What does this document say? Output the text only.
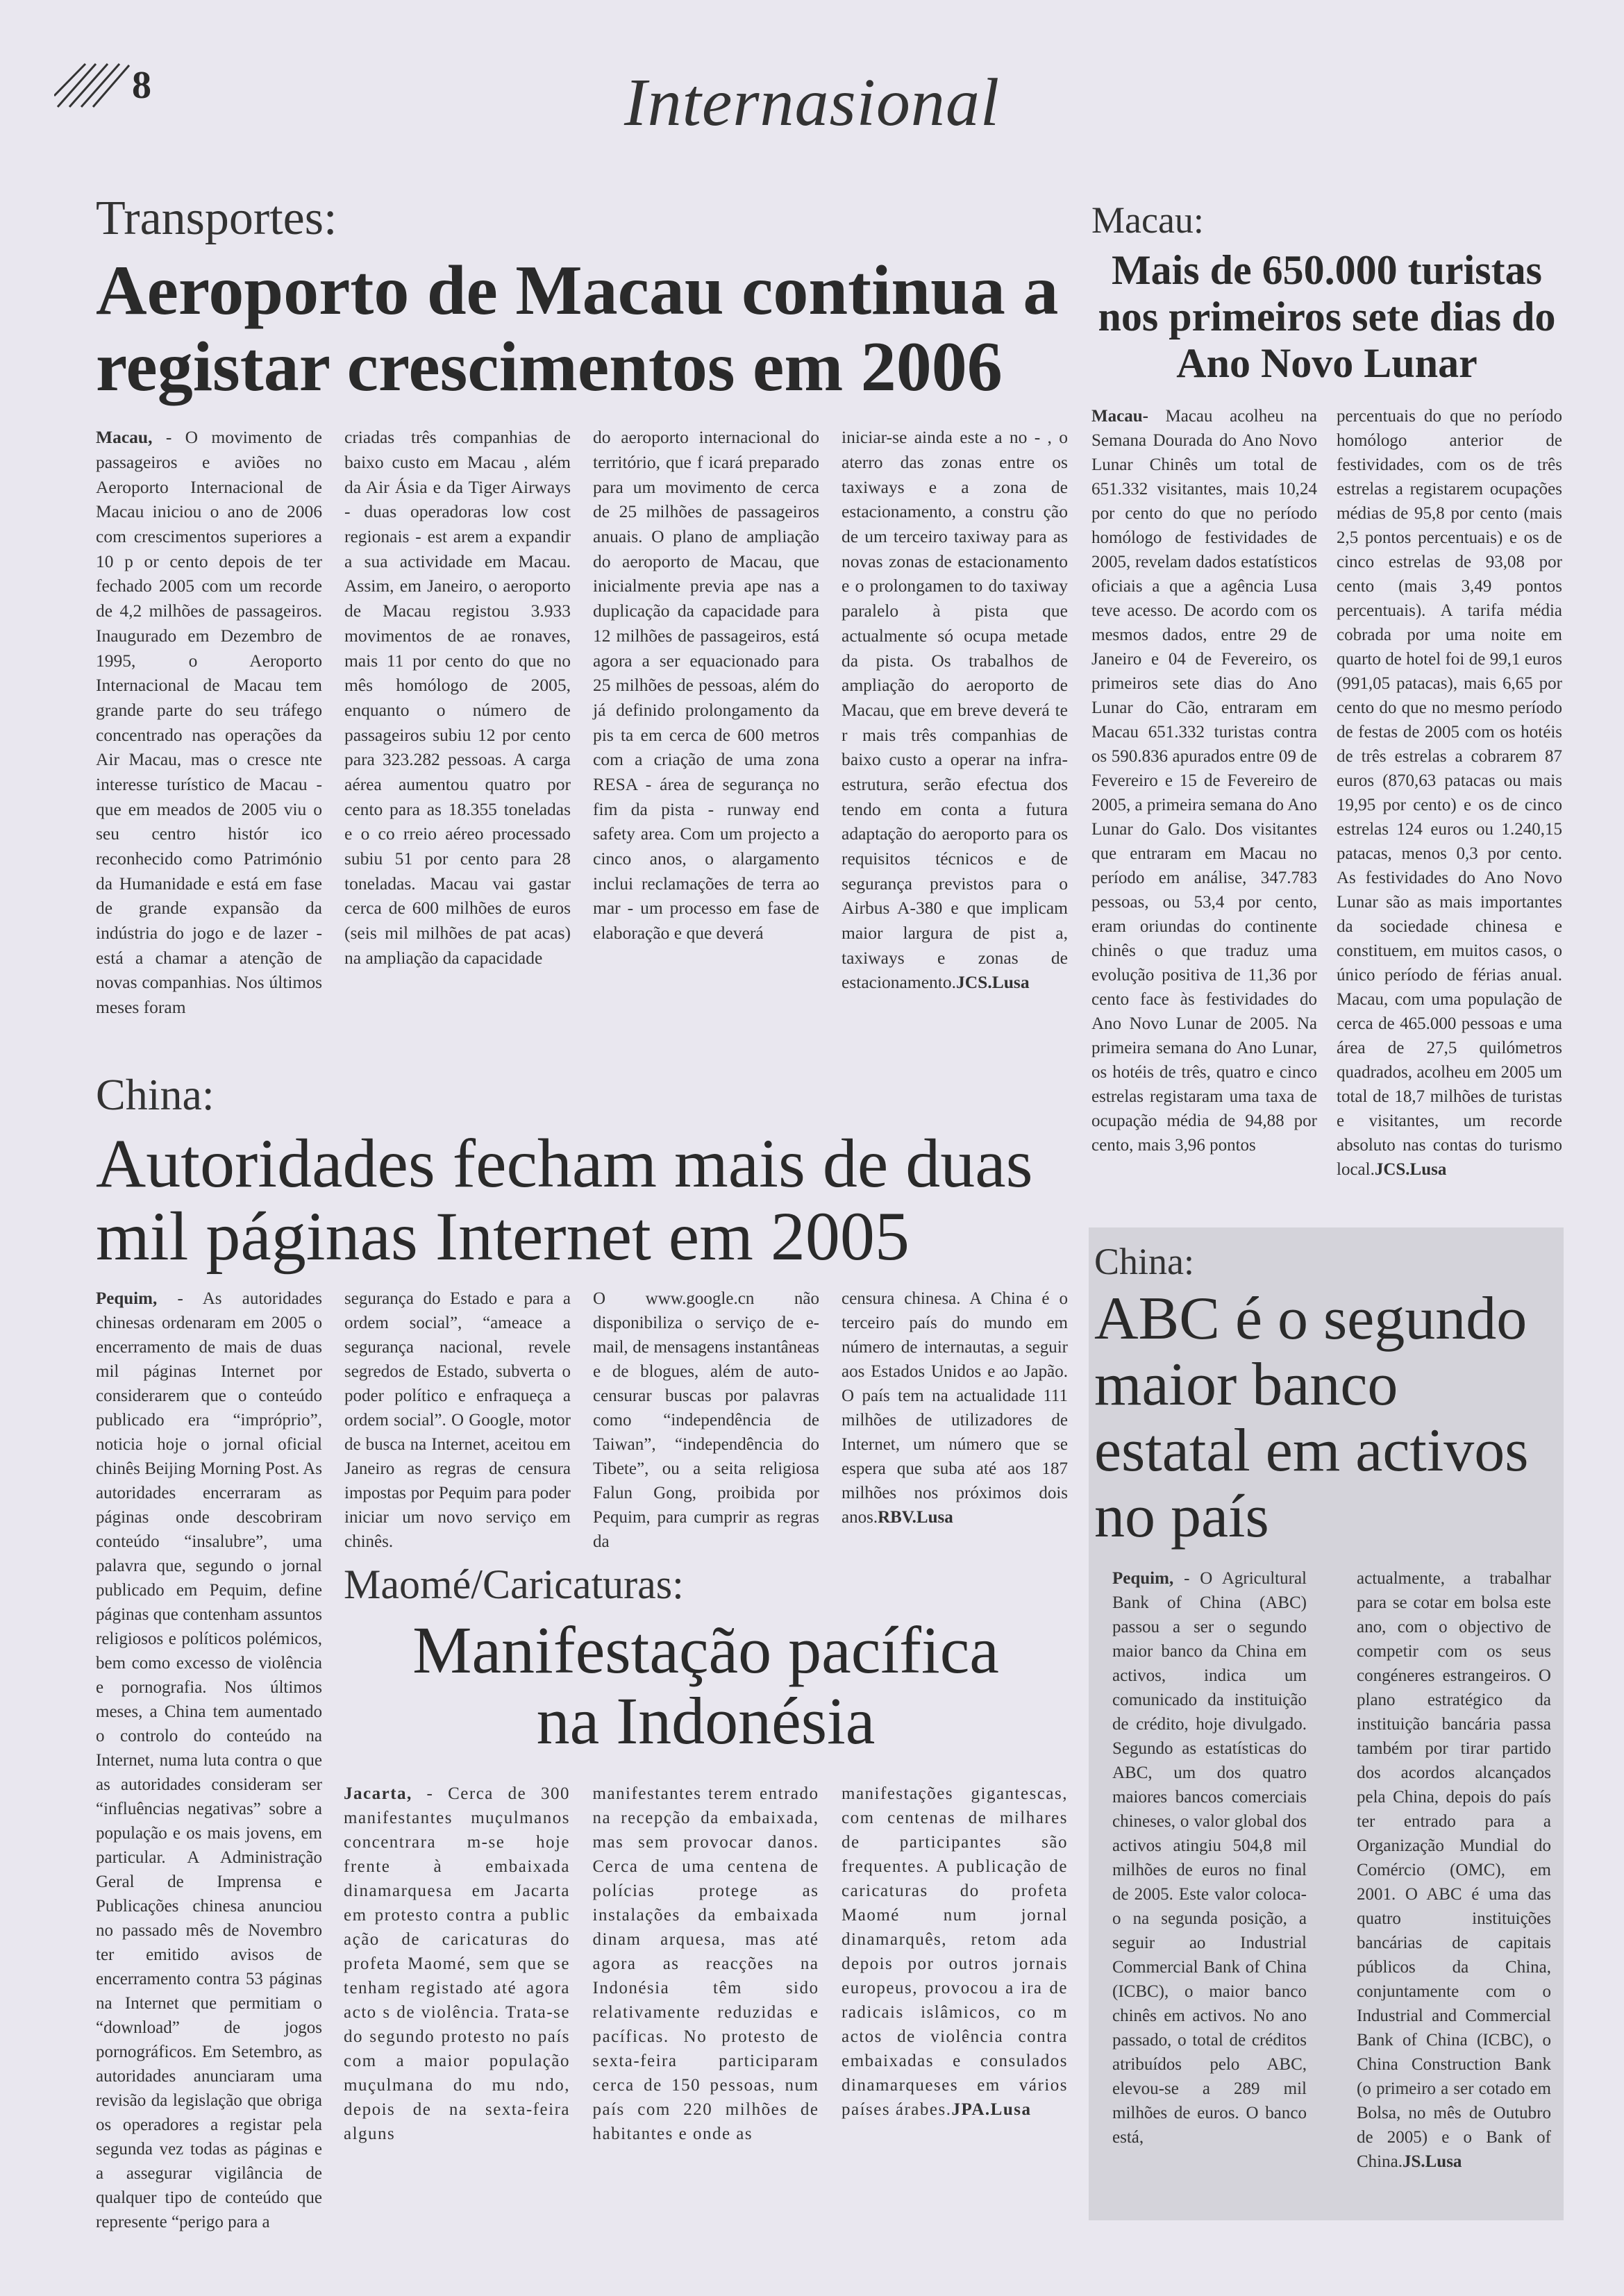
8	Internasional
Transportes:
Aeroporto de Macau continua a registar crescimentos em 2006

Macau, - O movimento de passageiros e aviões no Aeroporto Internacional de Macau iniciou o ano de 2006 com crescimentos superiores a 10 p or cento depois de ter fechado 2005 com um recorde de 4,2 milhões de passageiros. Inaugurado em Dezembro de 1995, o Aeroporto Internacional de Macau tem grande parte do seu tráfego concentrado nas operações da Air Macau, mas o cresce nte interesse turístico de Macau - que em meados de 2005 viu o seu centro histór ico reconhecido como Património da Humanidade e está em fase de grande expansão da indústria do jogo e de lazer - está a chamar a atenção de novas companhias. Nos últimos meses foram

criadas três companhias de baixo custo em Macau , além da Air Ásia e da Tiger Airways - duas operadoras low cost regionais - est arem a expandir a sua actividade em Macau. Assim, em Janeiro, o aeroporto de Macau registou 3.933 movimentos de ae ronaves, mais 11 por cento do que no mês homólogo de 2005, enquanto o número de passageiros subiu 12 por cento para 323.282 pessoas. A carga aérea aumentou quatro por cento para as 18.355 toneladas e o co rreio aéreo processado subiu 51 por cento para 28 toneladas. Macau vai gastar cerca de 600 milhões de euros (seis mil milhões de pat acas) na ampliação da capacidade

do aeroporto internacional do território, que f icará preparado para um movimento de cerca de 25 milhões de passageiros anuais. O plano de ampliação do aeroporto de Macau, que inicialmente previa ape nas a duplicação da capacidade para 12 milhões de passageiros, está agora a ser equacionado para 25 milhões de pessoas, além do já definido prolongamento da pis ta em cerca de 600 metros com a criação de uma zona RESA - área de segurança no fim da pista - runway end safety area. Com um projecto a cinco anos, o alargamento inclui reclamações de terra ao mar - um processo em fase de elaboração e que deverá

iniciar-se ainda este a no - , o aterro das zonas entre os taxiways e a zona de estacionamento, a constru ção de um terceiro taxiway para as novas zonas de estacionamento e o prolongamen to do taxiway paralelo à pista que actualmente só ocupa metade da pista. Os trabalhos de ampliação do aeroporto de Macau, que em breve deverá te r mais três companhias de baixo custo a operar na infra-estrutura, serão efectua dos tendo em conta a futura adaptação do aeroporto para os requisitos técnicos e de segurança previstos para o Airbus A-380 e que implicam maior largura de pist a, taxiways e zonas de estacionamento.JCS.Lusa

Macau:
Mais de 650.000 turistas nos primeiros sete dias do Ano Novo Lunar

Macau- Macau acolheu na Semana Dourada do Ano Novo Lunar Chinês um total de 651.332 visitantes, mais 10,24 por cento do que no período homólogo de festividades de 2005, revelam dados estatísticos oficiais a que a agência Lusa teve acesso. De acordo com os mesmos dados, entre 29 de Janeiro e 04 de Fevereiro, os primeiros sete dias do Ano Lunar do Cão, entraram em Macau 651.332 turistas contra os 590.836 apurados entre 09 de Fevereiro e 15 de Fevereiro de 2005, a primeira semana do Ano Lunar do Galo. Dos visitantes que entraram em Macau no período em análise, 347.783 pessoas, ou 53,4 por cento, eram oriundas do continente chinês o que traduz uma evolução positiva de 11,36 por cento face às festividades do Ano Novo Lunar de 2005. Na primeira semana do Ano Lunar, os hotéis de três, quatro e cinco estrelas registaram uma taxa de ocupação média de 94,88 por cento, mais 3,96 pontos

percentuais do que no período homólogo anterior de festividades, com os de três estrelas a registarem ocupações médias de 95,8 por cento (mais 2,5 pontos percentuais) e os de cinco estrelas de 93,08 por cento (mais 3,49 pontos percentuais). A tarifa média cobrada por uma noite em quarto de hotel foi de 99,1 euros (991,05 patacas), mais 6,65 por cento do que no mesmo período de festas de 2005 com os hotéis de três estrelas a cobrarem 87 euros (870,63 patacas ou mais 19,95 por cento) e os de cinco estrelas 124 euros ou 1.240,15 patacas, menos 0,3 por cento. As festividades do Ano Novo Lunar são as mais importantes da sociedade chinesa e constituem, em muitos casos, o único período de férias anual. Macau, com uma população de cerca de 465.000 pessoas e uma área de 27,5 quilómetros quadrados, acolheu em 2005 um total de 18,7 milhões de turistas e visitantes, um recorde absoluto nas contas do turismo local.JCS.Lusa

China:
Autoridades fecham mais de duas mil páginas Internet em 2005

Pequim, - As autoridades chinesas ordenaram em 2005 o encerramento de mais de duas mil páginas Internet por considerarem que o conteúdo publicado era “impróprio”, noticia hoje o jornal oficial chinês Beijing Morning Post. As autoridades encerraram as páginas onde descobriram conteúdo “insalubre”, uma palavra que, segundo o jornal publicado em Pequim, define páginas que contenham assuntos religiosos e políticos polémicos, bem como excesso de violência e pornografia. Nos últimos meses, a China tem aumentado o controlo do conteúdo na Internet, numa luta contra o que as autoridades consideram ser “influências negativas” sobre a população e os mais jovens, em particular. A Administração Geral de Imprensa e Publicações chinesa anunciou no passado mês de Novembro ter emitido avisos de encerramento contra 53 páginas na Internet que permitiam o “download” de jogos pornográficos. Em Setembro, as autoridades anunciaram uma revisão da legislação que obriga os operadores a registar pela segunda vez todas as páginas e a assegurar vigilância de qualquer tipo de conteúdo que represente “perigo para a

segurança do Estado e para a ordem social”, “ameace a segurança nacional, revele segredos de Estado, subverta o poder político e enfraqueça a ordem social”. O Google, motor de busca na Internet, aceitou em Janeiro as regras de censura impostas por Pequim para poder iniciar um novo serviço em chinês.

O www.google.cn não disponibiliza o serviço de e-mail, de mensagens instantâneas e de blogues, além de auto- censurar buscas por palavras como “independência de Taiwan”, “independência do Tibete”, ou a seita religiosa Falun Gong, proibida por Pequim, para cumprir as regras da

censura chinesa. A China é o terceiro país do mundo em número de internautas, a seguir aos Estados Unidos e ao Japão. O país tem na actualidade 111 milhões de utilizadores de Internet, um número que se espera que suba até aos 187 milhões nos próximos dois anos.RBV.Lusa

Maomé/Caricaturas:
Manifestação pacífica
na Indonésia

Jacarta, - Cerca de 300 manifestantes muçulmanos concentrara m-se hoje frente à embaixada dinamarquesa em Jacarta em protesto contra a public ação de caricaturas do profeta Maomé, sem que se tenham registado até agora acto s de violência. Trata-se do segundo protesto no país com a maior população muçulmana do mu ndo, depois de na sexta-feira alguns

manifestantes terem entrado na recepção da embaixada, mas sem provocar danos. Cerca de uma centena de polícias protege as instalações da embaixada dinam arquesa, mas até agora as reacções na Indonésia têm sido relativamente reduzidas e pacíficas. No protesto de sexta-feira participaram cerca de 150 pessoas, num país com 220 milhões de habitantes e onde as

manifestações gigantescas, com centenas de milhares de participantes são frequentes. A publicação de caricaturas do profeta Maomé num jornal dinamarquês, retom ada depois por outros jornais europeus, provocou a ira de radicais islâmicos, co m actos de violência contra embaixadas e consulados dinamarqueses em vários países árabes.JPA.Lusa

China:
ABC é o segundo maior banco estatal em activos no país

Pequim, - O Agricultural Bank of China (ABC) passou a ser o segundo maior banco da China em activos, indica um comunicado da instituição de crédito, hoje divulgado. Segundo as estatísticas do ABC, um dos quatro maiores bancos comerciais chineses, o valor global dos activos atingiu 504,8 mil milhões de euros no final de 2005. Este valor coloca-o na segunda posição, a seguir ao Industrial Commercial Bank of China (ICBC), o maior banco chinês em activos. No ano passado, o total de créditos atribuídos pelo ABC, elevou-se a 289 mil milhões de euros. O banco está,

actualmente, a trabalhar para se cotar em bolsa este ano, com o objectivo de competir com os seus congéneres estrangeiros. O plano estratégico da instituição bancária passa também por tirar partido dos acordos alcançados pela China, depois do país ter entrado para a Organização Mundial do Comércio (OMC), em 2001. O ABC é uma das quatro instituições bancárias de capitais públicos da China, conjuntamente com o Industrial and Commercial Bank of China (ICBC), o China Construction Bank (o primeiro a ser cotado em Bolsa, no mês de Outubro de 2005) e o Bank of China.JS.Lusa
